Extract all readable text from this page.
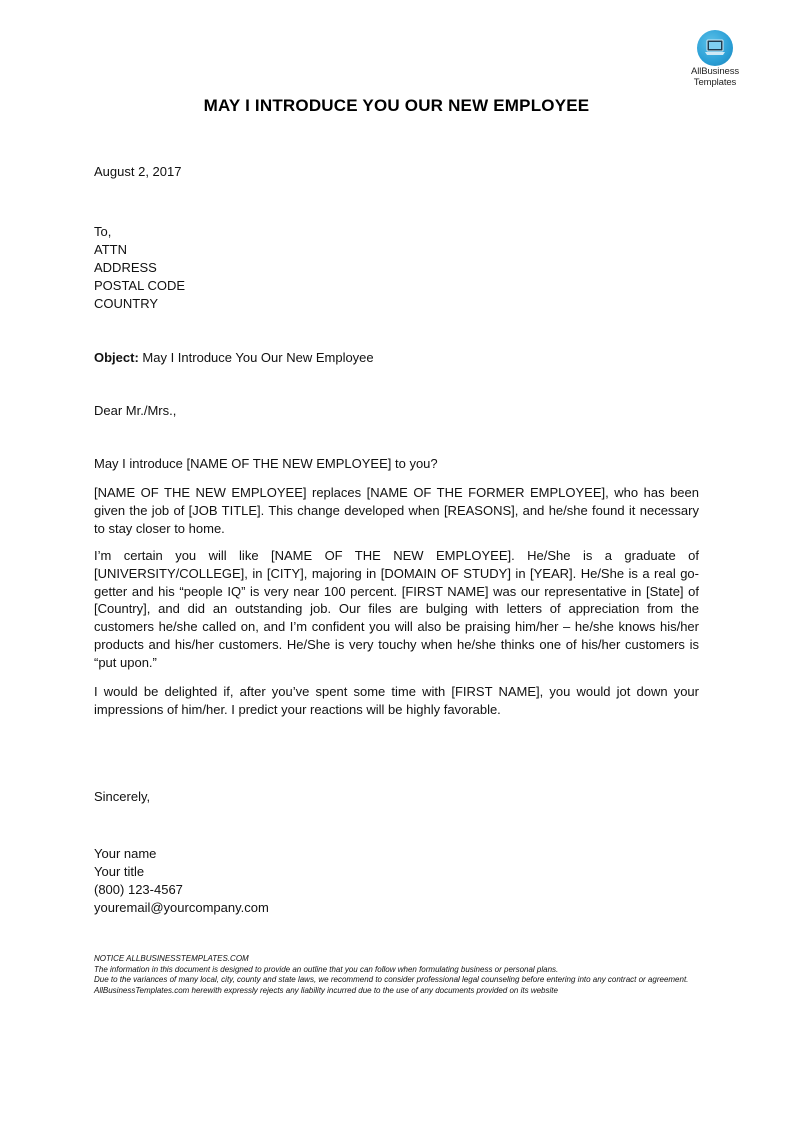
AllBusiness
Templates
MAY I INTRODUCE YOU OUR NEW EMPLOYEE
August 2, 2017
To,
ATTN
ADDRESS
POSTAL CODE
COUNTRY
Object: May I Introduce You Our New Employee
Dear Mr./Mrs.,
May I introduce [NAME OF THE NEW EMPLOYEE] to you?

[NAME OF THE NEW EMPLOYEE] replaces [NAME OF THE FORMER EMPLOYEE], who has been given the job of [JOB TITLE]. This change developed when [REASONS], and he/she found it necessary to stay closer to home.

I’m certain you will like [NAME OF THE NEW EMPLOYEE]. He/She is a graduate of [UNIVERSITY/COLLEGE], in [CITY], majoring in [DOMAIN OF STUDY] in [YEAR]. He/She is a real go-getter and his “people IQ” is very near 100 percent. [FIRST NAME] was our representative in [State] of [Country], and did an outstanding job. Our files are bulging with letters of appreciation from the customers he/she called on, and I’m confident you will also be praising him/her – he/she knows his/her products and his/her customers. He/She is very touchy when he/she thinks one of his/her customers is “put upon.”

I would be delighted if, after you’ve spent some time with [FIRST NAME], you would jot down your impressions of him/her. I predict your reactions will be highly favorable.

Sincerely,
Your name
Your title
(800) 123-4567
youremail@yourcompany.com
NOTICE ALLBUSINESSTEMPLATES.COM
The information in this document is designed to provide an outline that you can follow when formulating business or personal plans.
Due to the variances of many local, city, county and state laws, we recommend to consider professional legal counseling before entering into any contract or agreement. AllBusinessTemplates.com herewith expressly rejects any liability incurred due to the use of any documents provided on its website
